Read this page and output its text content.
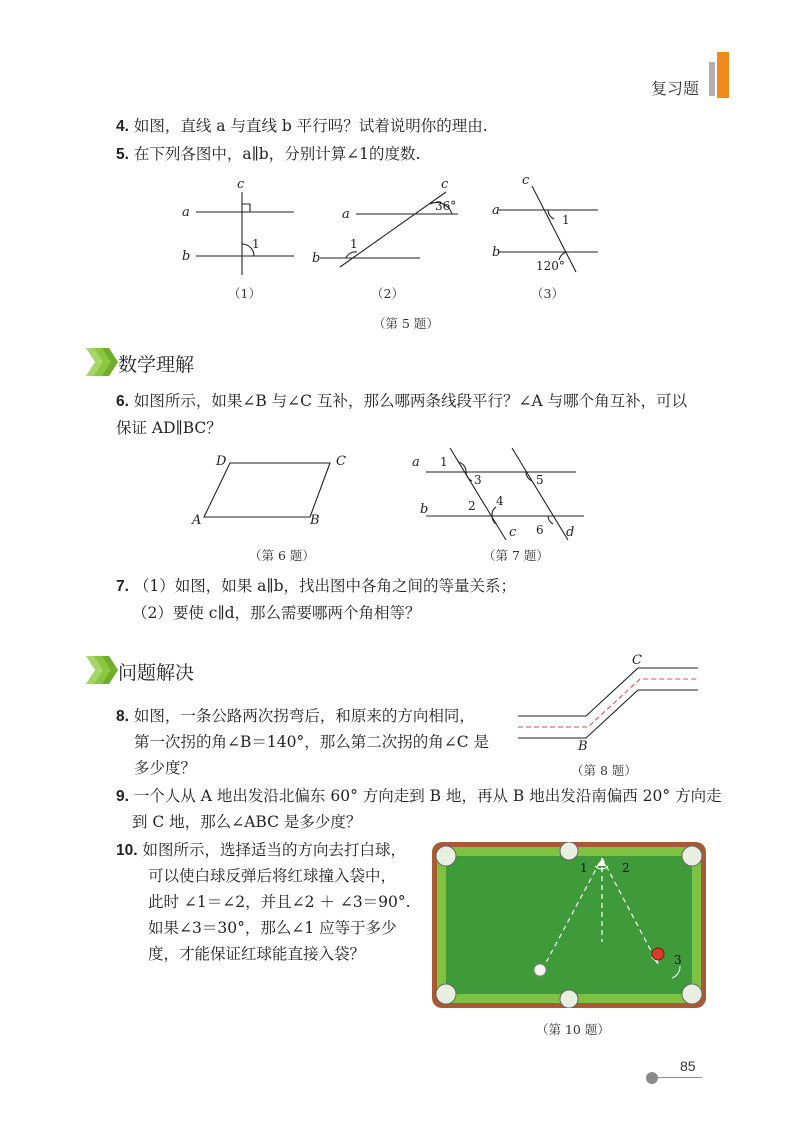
复习题
4. 如图，直线 a 与直线 b 平行吗？试着说明你的理由.
5. 在下列各图中，a∥b，分别计算∠1的度数.
c
a
b
1
c
a
b
36°
1
c
a
b
1
120°
（1）	（2）	（3）
（第 5 题）
数学理解
6. 如图所示，如果∠B 与∠C 互补，那么哪两条线段平行？∠A 与哪个角互补，可以
保证 AD∥BC？
D	C
A	B
（第 6 题）
a
b
c	d
1
3
2 4
5
6
（第 7 题）
7. （1）如图，如果 a∥b，找出图中各角之间的等量关系；
（2）要使 c∥d，那么需要哪两个角相等？
问题解决
8. 如图，一条公路两次拐弯后，和原来的方向相同，
第一次拐的角∠B＝140°，那么第二次拐的角∠C 是
多少度？
C
B
（第 8 题）
9. 一个人从 A 地出发沿北偏东 60° 方向走到 B 地，再从 B 地出发沿南偏西 20° 方向走
到 C 地，那么∠ABC 是多少度？
10. 如图所示，选择适当的方向去打白球，
可以使白球反弹后将红球撞入袋中，
此时 ∠1＝∠2，并且∠2 ＋ ∠3＝90°.
如果∠3＝30°，那么∠1 应等于多少
度，才能保证红球能直接入袋？
1	2
3
（第 10 题）
85
